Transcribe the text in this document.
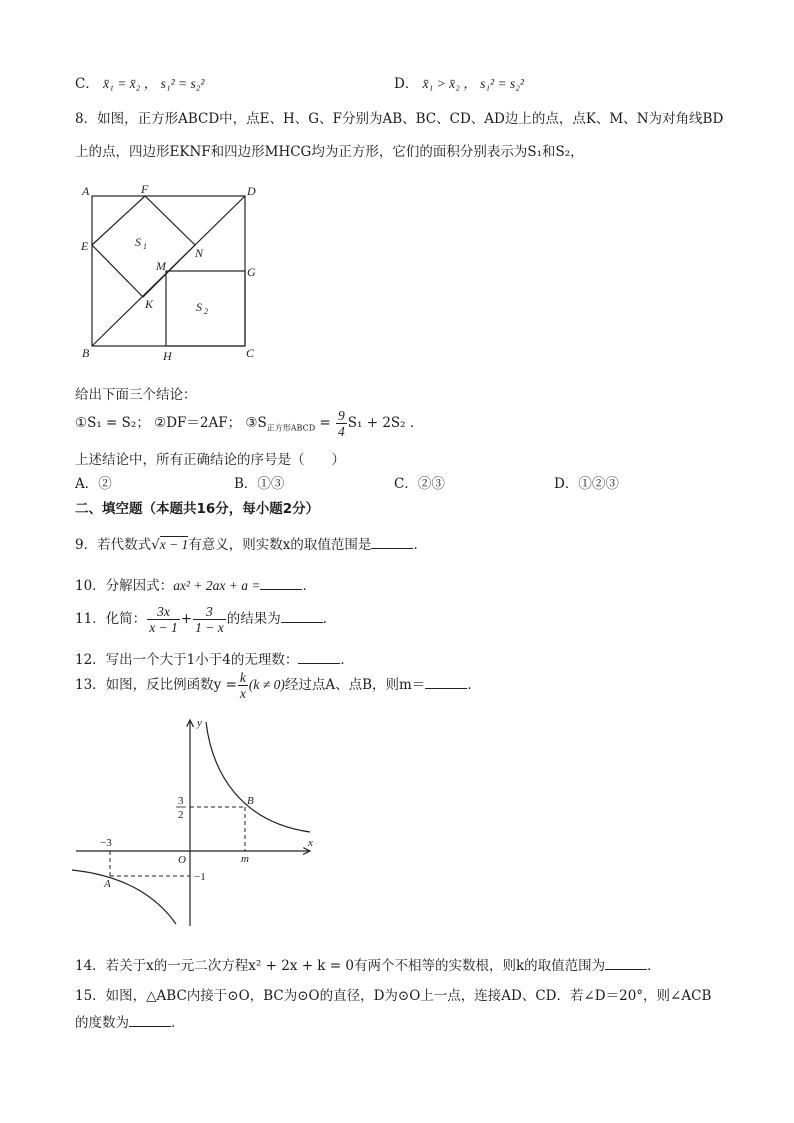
C． x̄₁ = x̄₂ ， s₁² = s₂²	D． x̄₁ > x̄₂ ， s₁² = s₂²
8．如图，正方形ABCD中，点E、H、G、F分别为AB、BC、CD、AD边上的点，点K、M、N为对角线BD
上的点，四边形EKNF和四边形MHCG均为正方形，它们的面积分别表示为S₁和S₂，
A	F	D
E	N
M	G
K
B	H	C
S 1
S 2
给出下面三个结论：
①S₁ = S₂； ②DF＝2AF； $③S_{正方形ABCD} = \frac{9}{4} S_1 + 2S_2$ ．
上述结论中，所有正确结论的序号是（　　）
A．②	B．①③	C．②③	D．①②③
二、填空题（本题共16分，每小题2分）
9．若代数式√x − 1有意义，则实数x的取值范围是	．
10．分解因式：ax² + 2ax + a =	．
11．化简： $\frac{3x}{x - 1} + \frac{3}{1 - x}$ 的结果为	．
12．写出一个大于1小于4的无理数：	．
13．如图，反比例函数$y = \frac{k}{x} (k \ne 0)$经过点A、点B，则m＝	．
y
x
O
−3
−1
3
2
m
A
B
14．若关于x的一元二次方程x² + 2x + k = 0有两个不相等的实数根，则k的取值范围为	．
15．如图，△ABC内接于⊙O，BC为⊙O的直径，D为⊙O上一点，连接AD、CD．若∠D＝20°，则∠ACB
的度数为	．
